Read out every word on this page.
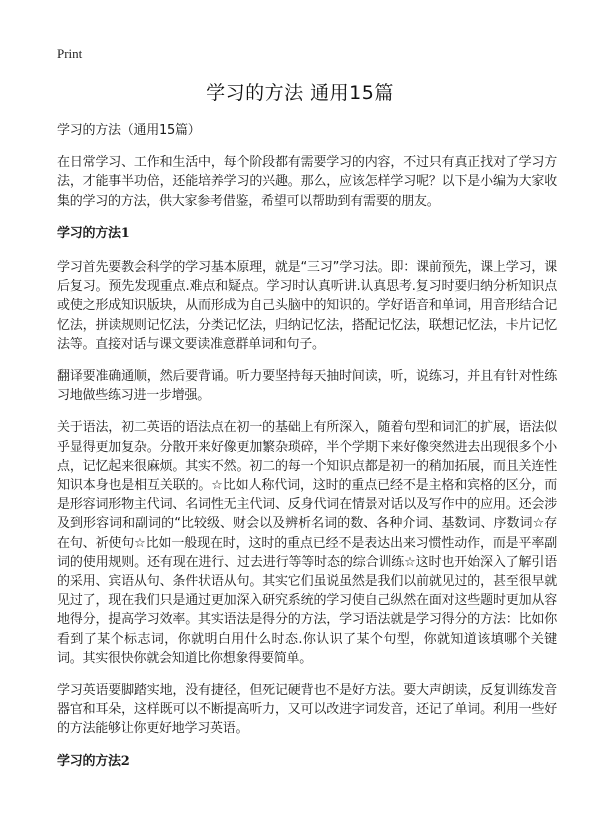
Print
学习的方法 通用15篇

学习的方法（通用15篇）

在日常学习、工作和生活中，每个阶段都有需要学习的内容，不过只有真正找对了学习方法，才能事半功倍，还能培养学习的兴趣。那么，应该怎样学习呢？以下是小编为大家收集的学习的方法，供大家参考借鉴，希望可以帮助到有需要的朋友。

学习的方法1

学习首先要教会科学的学习基本原理，就是“三习”学习法。即：课前预先，课上学习，课后复习。预先发现重点.难点和疑点。学习时认真听讲.认真思考.复习时要归纳分析知识点或使之形成知识版块，从而形成为自己头脑中的知识的。学好语音和单词，用音形结合记忆法，拼读规则记忆法，分类记忆法，归纳记忆法，搭配记忆法，联想记忆法，卡片记忆法等。直接对话与课文要读准意群单词和句子。

翻译要准确通顺，然后要背诵。听力要坚持每天抽时间读，听，说练习，并且有针对性练习地做些练习进一步增强。

关于语法，初二英语的语法点在初一的基础上有所深入，随着句型和词汇的扩展，语法似乎显得更加复杂。分散开来好像更加繁杂琐碎，半个学期下来好像突然进去出现很多个小点，记忆起来很麻烦。其实不然。初二的每一个知识点都是初一的稍加拓展，而且关连性知识本身也是相互关联的。☆比如人称代词，这时的重点已经不是主格和宾格的区分，而是形容词形物主代词、名词性无主代词、反身代词在情景对话以及写作中的应用。还会涉及到形容词和副词的“比较级、财会以及辨析名词的数、各种介词、基数词、序数词☆存在句、祈使句☆比如一般现在时，这时的重点已经不是表达出来习惯性动作，而是平率副词的使用规则。还有现在进行、过去进行等等时态的综合训练☆这时也开始深入了解引语的采用、宾语从句、条件状语从句。其实它们虽说虽然是我们以前就见过的，甚至很早就见过了，现在我们只是通过更加深入研究系统的学习使自己纵然在面对这些题时更加从容地得分，提高学习效率。其实语法是得分的方法，学习语法就是学习得分的方法：比如你看到了某个标志词，你就明白用什么时态.你认识了某个句型，你就知道该填哪个关键词。其实很快你就会知道比你想象得要简单。

学习英语要脚踏实地，没有捷径，但死记硬背也不是好方法。要大声朗读，反复训练发音器官和耳朵，这样既可以不断提高听力，又可以改进字词发音，还记了单词。利用一些好的方法能够让你更好地学习英语。

学习的方法2
